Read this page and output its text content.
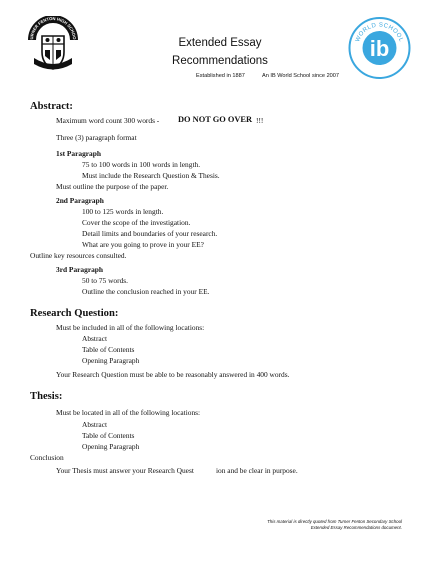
URNER FENTON HIGH SCHOO	Extended Essay
Recommendations
Established in 1887	An IB World School since 2007
WORLD SCHOOL
ib
Abstract:
Maximum word count 300 words - DO NOT GO OVER !!!
Three (3) paragraph format
1st Paragraph
75 to 100 words in 100 words in length.
Must include the Research Question & Thesis.
Must outline the purpose of the paper.
2nd Paragraph
100 to 125 words in length.
Cover the scope of the investigation.
Detail limits and boundaries of your research.
What are you going to prove in your EE?
Outline key resources consulted.
3rd Paragraph
50 to 75 words.
Outline the conclusion reached in your EE.
Research Question:
Must be included in all of the following locations:
Abstract
Table of Contents
Opening Paragraph
Your Research Question must be able to be reasonably answered in 400 words.
Thesis:
Must be located in all of the following locations:
Abstract
Table of Contents
Opening Paragraph
Conclusion
Your Thesis must answer your Research Quest	ion and be clear in purpose.
This material is directly quoted from Turner Fenton Secondary School
Extended Essay Recommendations document.
